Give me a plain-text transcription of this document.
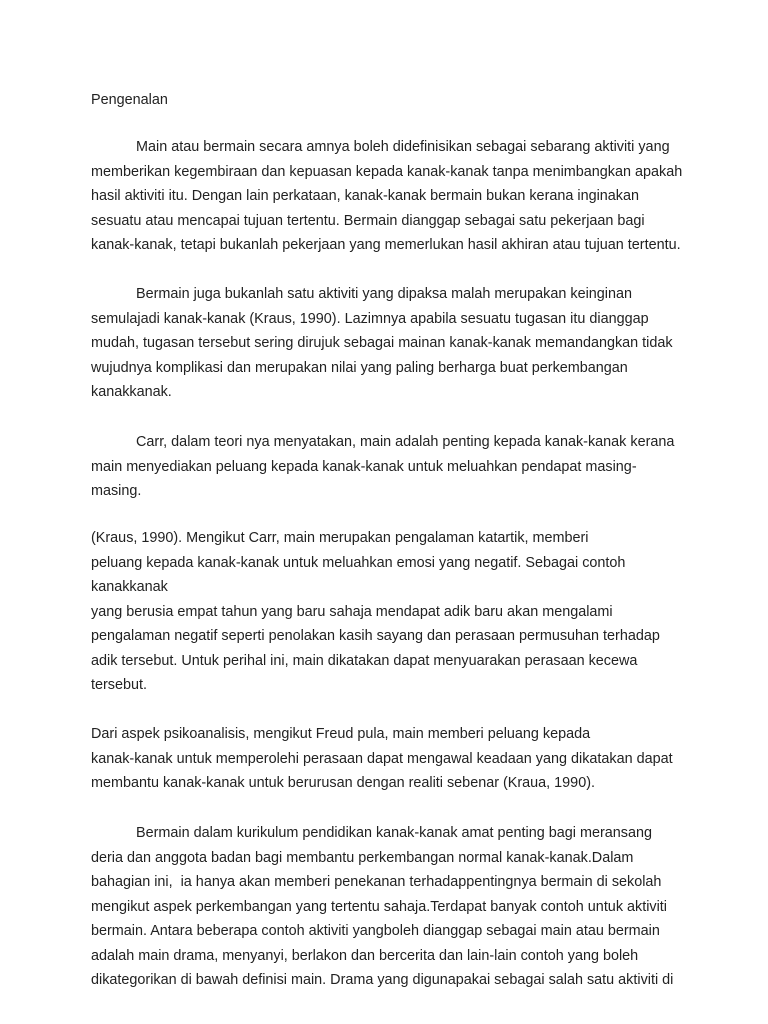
Pengenalan
Main atau bermain secara amnya boleh didefinisikan sebagai sebarang aktiviti yang
memberikan kegembiraan dan kepuasan kepada kanak-kanak tanpa menimbangkan apakah
hasil aktiviti itu. Dengan lain perkataan, kanak-kanak bermain bukan kerana inginakan
sesuatu atau mencapai tujuan tertentu. Bermain dianggap sebagai satu pekerjaan bagi
kanak-kanak, tetapi bukanlah pekerjaan yang memerlukan hasil akhiran atau tujuan tertentu.
Bermain juga bukanlah satu aktiviti yang dipaksa malah merupakan keinginan
semulajadi kanak-kanak (Kraus, 1990). Lazimnya apabila sesuatu tugasan itu dianggap
mudah, tugasan tersebut sering dirujuk sebagai mainan kanak-kanak memandangkan tidak
wujudnya komplikasi dan merupakan nilai yang paling berharga buat perkembangan
kanakkanak.
Carr, dalam teori nya menyatakan, main adalah penting kepada kanak-kanak kerana
main menyediakan peluang kepada kanak-kanak untuk meluahkan pendapat masing-
masing.
(Kraus, 1990). Mengikut Carr, main merupakan pengalaman katartik, memberi
peluang kepada kanak-kanak untuk meluahkan emosi yang negatif. Sebagai contoh
kanakkanak
yang berusia empat tahun yang baru sahaja mendapat adik baru akan mengalami
pengalaman negatif seperti penolakan kasih sayang dan perasaan permusuhan terhadap
adik tersebut. Untuk perihal ini, main dikatakan dapat menyuarakan perasaan kecewa
tersebut.
Dari aspek psikoanalisis, mengikut Freud pula, main memberi peluang kepada
kanak-kanak untuk memperolehi perasaan dapat mengawal keadaan yang dikatakan dapat
membantu kanak-kanak untuk berurusan dengan realiti sebenar (Kraua, 1990).
Bermain dalam kurikulum pendidikan kanak-kanak amat penting bagi meransang
deria dan anggota badan bagi membantu perkembangan normal kanak-kanak.Dalam
bahagian ini,  ia hanya akan memberi penekanan terhadappentingnya bermain di sekolah
mengikut aspek perkembangan yang tertentu sahaja.Terdapat banyak contoh untuk aktiviti
bermain. Antara beberapa contoh aktiviti yangboleh dianggap sebagai main atau bermain
adalah main drama, menyanyi, berlakon dan bercerita dan lain-lain contoh yang boleh
dikategorikan di bawah definisi main. Drama yang digunapakai sebagai salah satu aktiviti di
